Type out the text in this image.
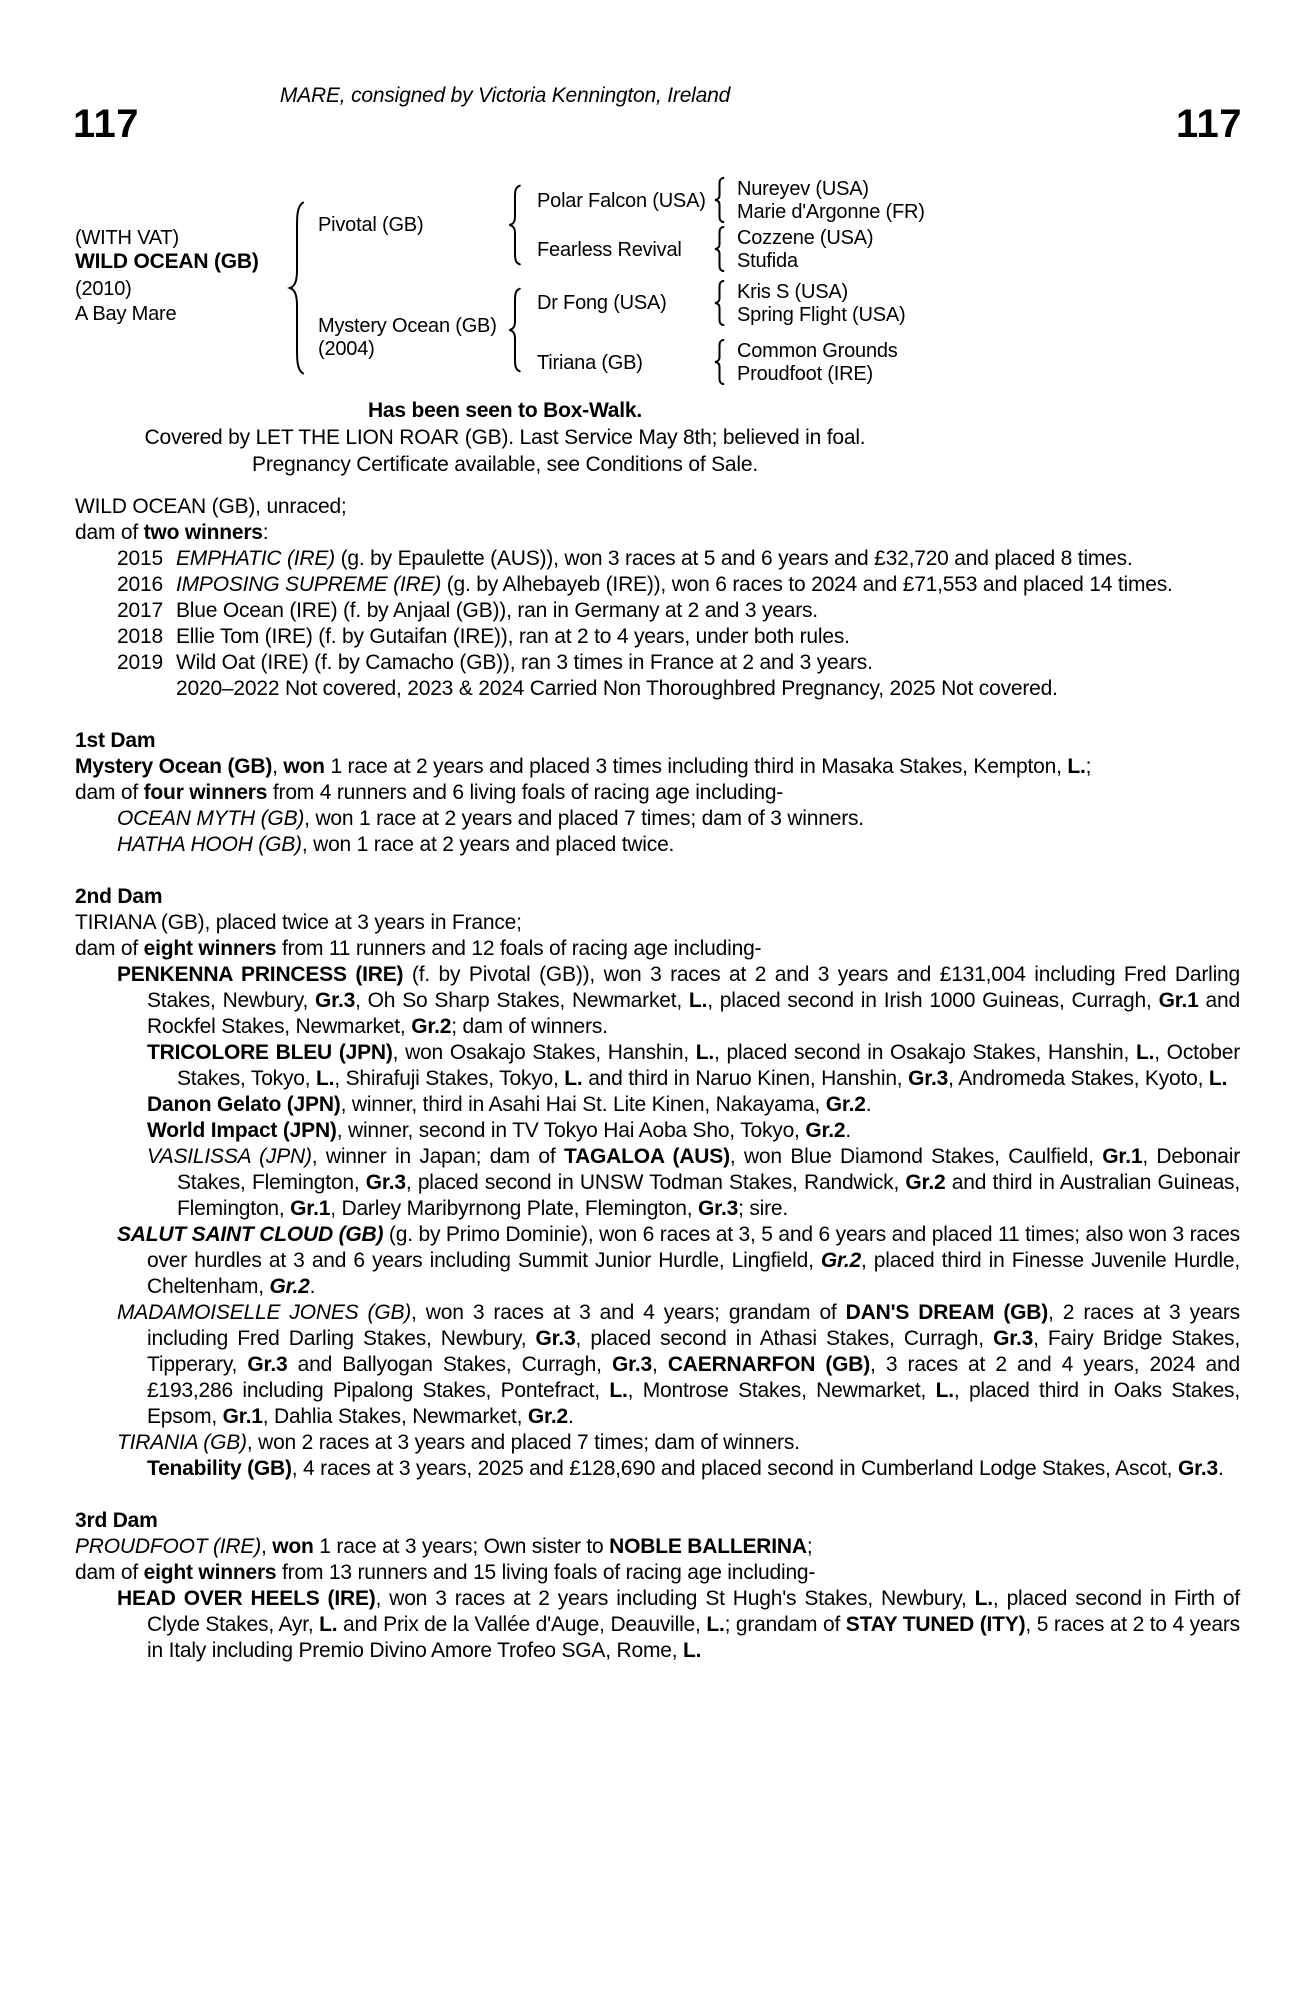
MARE, consigned by Victoria Kennington, Ireland
117	117
(WITH VAT)
WILD OCEAN (GB)
(2010)
A Bay Mare
Pivotal (GB)
Mystery Ocean (GB)
(2004)
Polar Falcon (USA)
Fearless Revival
Dr Fong (USA)
Tiriana (GB)
Nureyev (USA)
Marie d'Argonne (FR)
Cozzene (USA)
Stufida
Kris S (USA)
Spring Flight (USA)
Common Grounds
Proudfoot (IRE)
Has been seen to Box-Walk.
Covered by LET THE LION ROAR (GB). Last Service May 8th; believed in foal.
Pregnancy Certificate available, see Conditions of Sale.
WILD OCEAN (GB), unraced;
dam of two winners:
2015 EMPHATIC (IRE) (g. by Epaulette (AUS)), won 3 races at 5 and 6 years and £32,720 and placed 8 times.
2016 IMPOSING SUPREME (IRE) (g. by Alhebayeb (IRE)), won 6 races to 2024 and £71,553 and placed 14 times.
2017 Blue Ocean (IRE) (f. by Anjaal (GB)), ran in Germany at 2 and 3 years.
2018 Ellie Tom (IRE) (f. by Gutaifan (IRE)), ran at 2 to 4 years, under both rules.
2019 Wild Oat (IRE) (f. by Camacho (GB)), ran 3 times in France at 2 and 3 years.
2020–2022 Not covered, 2023 & 2024 Carried Non Thoroughbred Pregnancy, 2025 Not covered.
1st Dam
Mystery Ocean (GB), won 1 race at 2 years and placed 3 times including third in Masaka Stakes, Kempton, L.;
dam of four winners from 4 runners and 6 living foals of racing age including-
OCEAN MYTH (GB), won 1 race at 2 years and placed 7 times; dam of 3 winners.
HATHA HOOH (GB), won 1 race at 2 years and placed twice.
2nd Dam
TIRIANA (GB), placed twice at 3 years in France;
dam of eight winners from 11 runners and 12 foals of racing age including-
PENKENNA PRINCESS (IRE) (f. by Pivotal (GB)), won 3 races at 2 and 3 years and £131,004 including Fred Darling Stakes, Newbury, Gr.3, Oh So Sharp Stakes, Newmarket, L., placed second in Irish 1000 Guineas, Curragh, Gr.1 and Rockfel Stakes, Newmarket, Gr.2; dam of winners.
TRICOLORE BLEU (JPN), won Osakajo Stakes, Hanshin, L., placed second in Osakajo Stakes, Hanshin, L., October Stakes, Tokyo, L., Shirafuji Stakes, Tokyo, L. and third in Naruo Kinen, Hanshin, Gr.3, Andromeda Stakes, Kyoto, L.
Danon Gelato (JPN), winner, third in Asahi Hai St. Lite Kinen, Nakayama, Gr.2.
World Impact (JPN), winner, second in TV Tokyo Hai Aoba Sho, Tokyo, Gr.2.
VASILISSA (JPN), winner in Japan; dam of TAGALOA (AUS), won Blue Diamond Stakes, Caulfield, Gr.1, Debonair Stakes, Flemington, Gr.3, placed second in UNSW Todman Stakes, Randwick, Gr.2 and third in Australian Guineas, Flemington, Gr.1, Darley Maribyrnong Plate, Flemington, Gr.3; sire.
SALUT SAINT CLOUD (GB) (g. by Primo Dominie), won 6 races at 3, 5 and 6 years and placed 11 times; also won 3 races over hurdles at 3 and 6 years including Summit Junior Hurdle, Lingfield, Gr.2, placed third in Finesse Juvenile Hurdle, Cheltenham, Gr.2.
MADAMOISELLE JONES (GB), won 3 races at 3 and 4 years; grandam of DAN'S DREAM (GB), 2 races at 3 years including Fred Darling Stakes, Newbury, Gr.3, placed second in Athasi Stakes, Curragh, Gr.3, Fairy Bridge Stakes, Tipperary, Gr.3 and Ballyogan Stakes, Curragh, Gr.3, CAERNARFON (GB), 3 races at 2 and 4 years, 2024 and £193,286 including Pipalong Stakes, Pontefract, L., Montrose Stakes, Newmarket, L., placed third in Oaks Stakes, Epsom, Gr.1, Dahlia Stakes, Newmarket, Gr.2.
TIRANIA (GB), won 2 races at 3 years and placed 7 times; dam of winners.
Tenability (GB), 4 races at 3 years, 2025 and £128,690 and placed second in Cumberland Lodge Stakes, Ascot, Gr.3.
3rd Dam
PROUDFOOT (IRE), won 1 race at 3 years; Own sister to NOBLE BALLERINA;
dam of eight winners from 13 runners and 15 living foals of racing age including-
HEAD OVER HEELS (IRE), won 3 races at 2 years including St Hugh's Stakes, Newbury, L., placed second in Firth of Clyde Stakes, Ayr, L. and Prix de la Vallée d'Auge, Deauville, L.; grandam of STAY TUNED (ITY), 5 races at 2 to 4 years in Italy including Premio Divino Amore Trofeo SGA, Rome, L.
